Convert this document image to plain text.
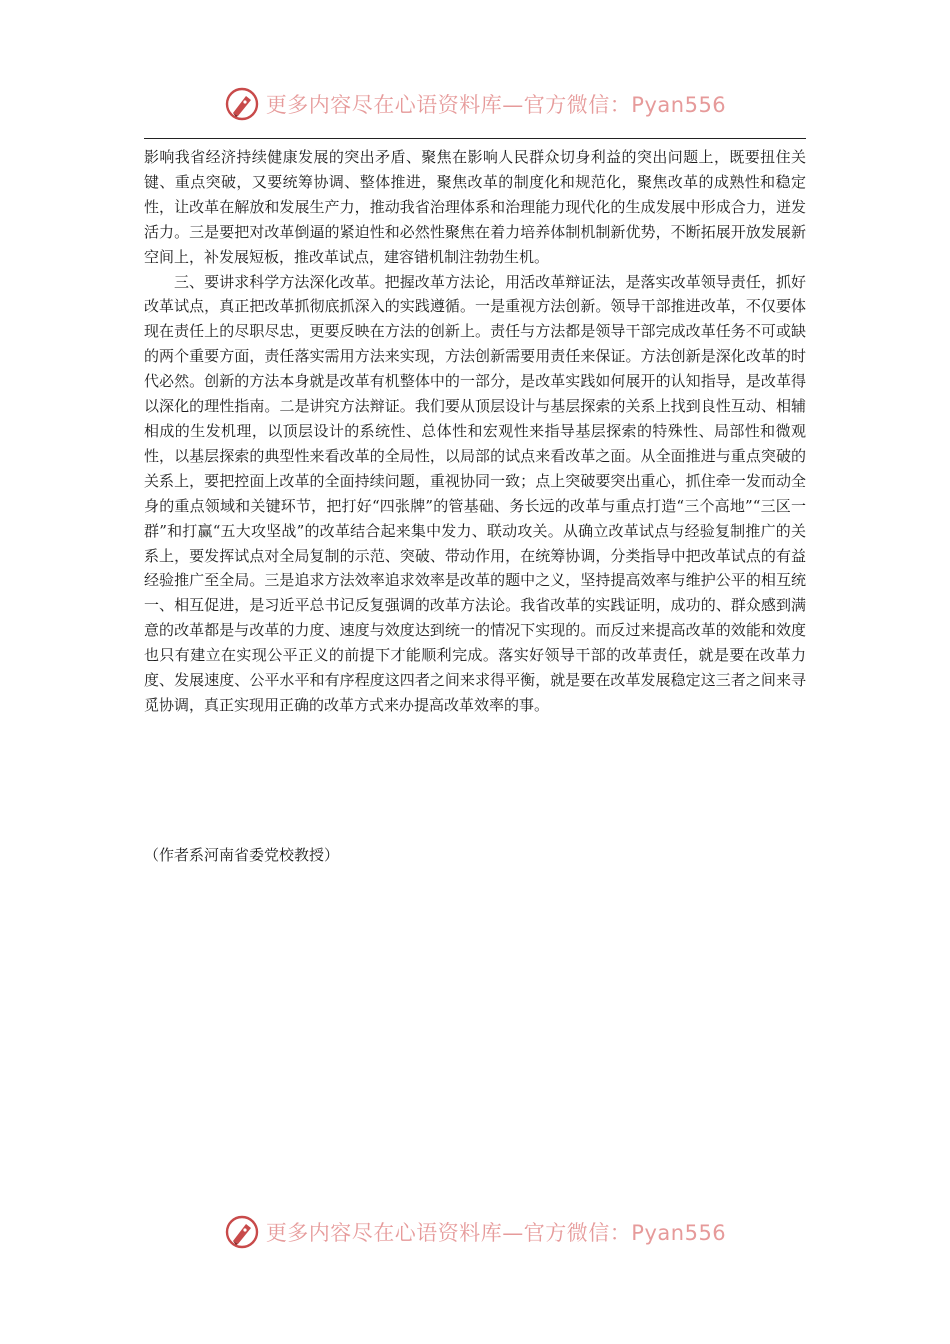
更多内容尽在心语资料库—官方微信：Pyan556

影响我省经济持续健康发展的突出矛盾、聚焦在影响人民群众切身利益的突出问题上，既要扭住关键、重点突破，又要统筹协调、整体推进，聚焦改革的制度化和规范化，聚焦改革的成熟性和稳定性，让改革在解放和发展生产力，推动我省治理体系和治理能力现代化的生成发展中形成合力，迸发活力。三是要把对改革倒逼的紧迫性和必然性聚焦在着力培养体制机制新优势，不断拓展开放发展新空间上，补发展短板，推改革试点，建容错机制注勃勃生机。

三、要讲求科学方法深化改革。把握改革方法论，用活改革辩证法，是落实改革领导责任，抓好改革试点，真正把改革抓彻底抓深入的实践遵循。一是重视方法创新。领导干部推进改革，不仅要体现在责任上的尽职尽忠，更要反映在方法的创新上。责任与方法都是领导干部完成改革任务不可或缺的两个重要方面，责任落实需用方法来实现，方法创新需要用责任来保证。方法创新是深化改革的时代必然。创新的方法本身就是改革有机整体中的一部分，是改革实践如何展开的认知指导，是改革得以深化的理性指南。二是讲究方法辩证。我们要从顶层设计与基层探索的关系上找到良性互动、相辅相成的生发机理，以顶层设计的系统性、总体性和宏观性来指导基层探索的特殊性、局部性和微观性，以基层探索的典型性来看改革的全局性，以局部的试点来看改革之面。从全面推进与重点突破的关系上，要把控面上改革的全面持续问题，重视协同一致；点上突破要突出重心，抓住牵一发而动全身的重点领域和关键环节，把打好“四张牌”的管基础、务长远的改革与重点打造“三个高地”“三区一群”和打赢“五大攻坚战”的改革结合起来集中发力、联动攻关。从确立改革试点与经验复制推广的关系上，要发挥试点对全局复制的示范、突破、带动作用，在统筹协调，分类指导中把改革试点的有益经验推广至全局。三是追求方法效率追求效率是改革的题中之义，坚持提高效率与维护公平的相互统一、相互促进，是习近平总书记反复强调的改革方法论。我省改革的实践证明，成功的、群众感到满意的改革都是与改革的力度、速度与效度达到统一的情况下实现的。而反过来提高改革的效能和效度也只有建立在实现公平正义的前提下才能顺利完成。落实好领导干部的改革责任，就是要在改革力度、发展速度、公平水平和有序程度这四者之间来求得平衡，就是要在改革发展稳定这三者之间来寻觅协调，真正实现用正确的改革方式来办提高改革效率的事。

（作者系河南省委党校教授）
更多内容尽在心语资料库—官方微信：Pyan556
